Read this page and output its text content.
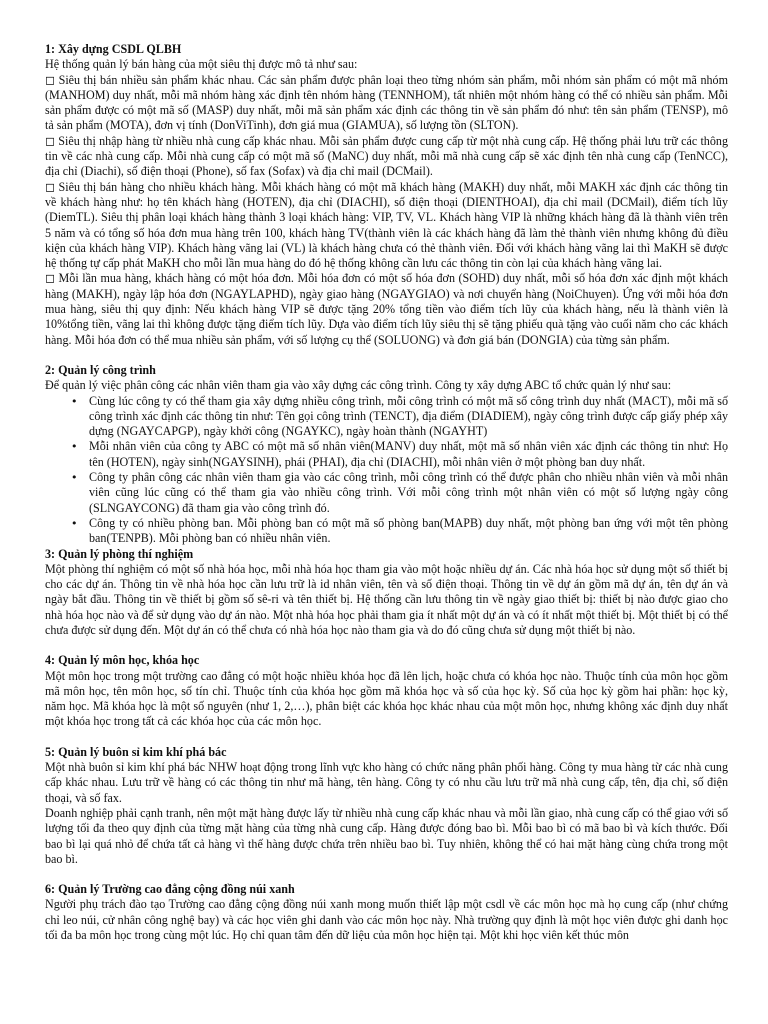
1: Xây dựng CSDL QLBH

Hệ thống quản lý bán hàng của một siêu thị được mô tả như sau:

◻ Siêu thị bán nhiều sản phẩm khác nhau. Các sản phẩm được phân loại theo từng nhóm sản phẩm, mỗi nhóm sản phẩm có một mã nhóm (MANHOM) duy nhất, mỗi mã nhóm hàng xác định tên nhóm hàng (TENNHOM), tất nhiên một nhóm hàng có thể có nhiều sản phẩm. Mỗi sản phẩm được có một mã số (MASP) duy nhất, mỗi mã sản phẩm xác định các thông tin về sản phẩm đó như: tên sản phẩm (TENSP), mô tả sản phẩm (MOTA), đơn vị tính (DonViTinh), đơn giá mua (GIAMUA), số lượng tồn (SLTON).

◻ Siêu thị nhập hàng từ nhiều nhà cung cấp khác nhau. Mỗi sản phẩm được cung cấp từ một nhà cung cấp. Hệ thống phải lưu trữ các thông tin về các nhà cung cấp. Mỗi nhà cung cấp có một mã số (MaNC) duy nhất, mỗi mã nhà cung cấp sẽ xác định tên nhà cung cấp (TenNCC), địa chỉ (Diachi), số điện thoại (Phone), số fax (Sofax) và địa chỉ mail (DCMail).

◻ Siêu thị bán hàng cho nhiều khách hàng. Mỗi khách hàng có một mã khách hàng (MAKH) duy nhất, mỗi MAKH xác định các thông tin về khách hàng như: họ tên khách hàng (HOTEN), địa chỉ (DIACHI), số điện thoại (DIENTHOAI), địa chỉ mail (DCMail), điểm tích lũy (DiemTL). Siêu thị phân loại khách hàng thành 3 loại khách hàng: VIP, TV, VL. Khách hàng VIP là những khách hàng đã là thành viên trên 5 năm và có tổng số hóa đơn mua hàng trên 100, khách hàng TV(thành viên là các khách hàng đã làm thẻ thành viên nhưng không đủ điều kiện của khách hàng VIP). Khách hàng vãng lai (VL) là khách hàng chưa có thẻ thành viên. Đối với khách hàng vãng lai thì MaKH sẽ được hệ thống tự cấp phát MaKH cho mỗi lần mua hàng do đó hệ thống không cần lưu các thông tin còn lại của khách hàng vãng lai.

◻ Mỗi lần mua hàng, khách hàng có một hóa đơn. Mỗi hóa đơn có một số hóa đơn (SOHD) duy nhất, mỗi số hóa đơn xác định một khách hàng (MAKH), ngày lập hóa đơn (NGAYLAPHD), ngày giao hàng (NGAYGIAO) và nơi chuyển hàng (NoiChuyen). Ứng với mỗi hóa đơn mua hàng, siêu thị quy định: Nếu khách hàng VIP sẽ được tặng 20% tổng tiền vào điểm tích lũy của khách hàng, nếu là thành viên là 10%tổng tiền, vãng lai thì không được tặng điểm tích lũy. Dựa vào điểm tích lũy siêu thị sẽ tặng phiếu quà tặng vào cuối năm cho các khách hàng. Mỗi hóa đơn có thể mua nhiều sản phẩm, với số lượng cụ thể (SOLUONG) và đơn giá bán (DONGIA) của từng sản phẩm.

2: Quản lý công trình

Để quản lý việc phân công các nhân viên tham gia vào xây dựng các công trình. Công ty xây dựng ABC tổ chức quản lý như sau:

• Cùng lúc công ty có thể tham gia xây dựng nhiều công trình, mỗi công trình có một mã số công trình duy nhất (MACT), mỗi mã số công trình xác định các thông tin như: Tên gọi công trình (TENCT), địa điểm (DIADIEM), ngày công trình được cấp giấy phép xây dựng (NGAYCAPGP), ngày khởi công (NGAYKC), ngày hoàn thành (NGAYHT)
• Mỗi nhân viên của công ty ABC có một mã số nhân viên(MANV) duy nhất, một mã số nhân viên xác định các thông tin như: Họ tên (HOTEN), ngày sinh(NGAYSINH), phái (PHAI), địa chỉ (DIACHI), mỗi nhân viên ở một phòng ban duy nhất.
• Công ty phân công các nhân viên tham gia vào các công trình, mỗi công trình có thể được phân cho nhiều nhân viên và mỗi nhân viên cũng lúc cũng có thể tham gia vào nhiều công trình. Với mỗi công trình một nhân viên có một số lượng ngày công (SLNGAYCONG) đã tham gia vào công trình đó.
• Công ty có nhiều phòng ban. Mỗi phòng ban có một mã số phòng ban(MAPB) duy nhất, một phòng ban ứng với một tên phòng ban(TENPB). Mỗi phòng ban có nhiều nhân viên.
3: Quản lý phòng thí nghiệm

Một phòng thí nghiệm có một số nhà hóa học, mỗi nhà hóa học tham gia vào một hoặc nhiều dự án. Các nhà hóa học sử dụng một số thiết bị cho các dự án. Thông tin về nhà hóa học cần lưu trữ là id nhân viên, tên và số điện thoại. Thông tin về dự án gồm mã dự án, tên dự án và ngày bắt đầu. Thông tin về thiết bị gồm số sê-ri và tên thiết bị. Hệ thống cần lưu thông tin về ngày giao thiết bị: thiết bị nào được giao cho nhà hóa học nào và để sử dụng vào dự án nào. Một nhà hóa học phải tham gia ít nhất một dự án và có ít nhất một thiết bị. Một thiết bị có thể chưa được sử dụng đến. Một dự án có thể chưa có nhà hóa học nào tham gia và do đó cũng chưa sử dụng một thiết bị nào.

4: Quản lý môn học, khóa học

Một môn học trong một trường cao đẳng có một hoặc nhiều khóa học đã lên lịch, hoặc chưa có khóa học nào. Thuộc tính của môn học gồm mã môn học, tên môn học, số tín chỉ. Thuộc tính của khóa học gồm mã khóa học và số của học kỳ. Số của học kỳ gồm hai phần: học kỳ, năm học. Mã khóa học là một số nguyên (như 1, 2,…), phân biệt các khóa học khác nhau của một môn học, nhưng không xác định duy nhất một khóa học trong tất cả các khóa học của các môn học.

5: Quản lý buôn sỉ kim khí phá bác

Một nhà buôn sỉ kim khí phá bác NHW hoạt động trong lĩnh vực kho hàng có chức năng phân phối hàng. Công ty mua hàng từ các nhà cung cấp khác nhau. Lưu trữ về hàng có các thông tin như mã hàng, tên hàng. Công ty có nhu cầu lưu trữ mã nhà cung cấp, tên, địa chỉ, số điện thoại, và số fax.

Doanh nghiệp phải cạnh tranh, nên một mặt hàng được lấy từ nhiều nhà cung cấp khác nhau và mỗi lần giao, nhà cung cấp có thể giao với số lượng tối đa theo quy định của từng mặt hàng của từng nhà cung cấp. Hàng được đóng bao bì. Mỗi bao bì có mã bao bì và kích thước. Đối bao bì lại quá nhỏ để chứa tất cả hàng vì thế hàng được chứa trên nhiều bao bì. Tuy nhiên, không thể có hai mặt hàng cùng chứa trong một bao bì.

6: Quản lý Trường cao đẳng cộng đồng núi xanh

Người phụ trách đào tạo Trường cao đẳng cộng đồng núi xanh mong muốn thiết lập một csdl về các môn học mà họ cung cấp (như chứng chỉ leo núi, cử nhân công nghệ bay) và các học viên ghi danh vào các môn học này. Nhà trường quy định là một học viên được ghi danh học tối đa ba môn học trong cùng một lúc. Họ chỉ quan tâm đến dữ liệu của môn học hiện tại. Một khi học viên kết thúc môn
